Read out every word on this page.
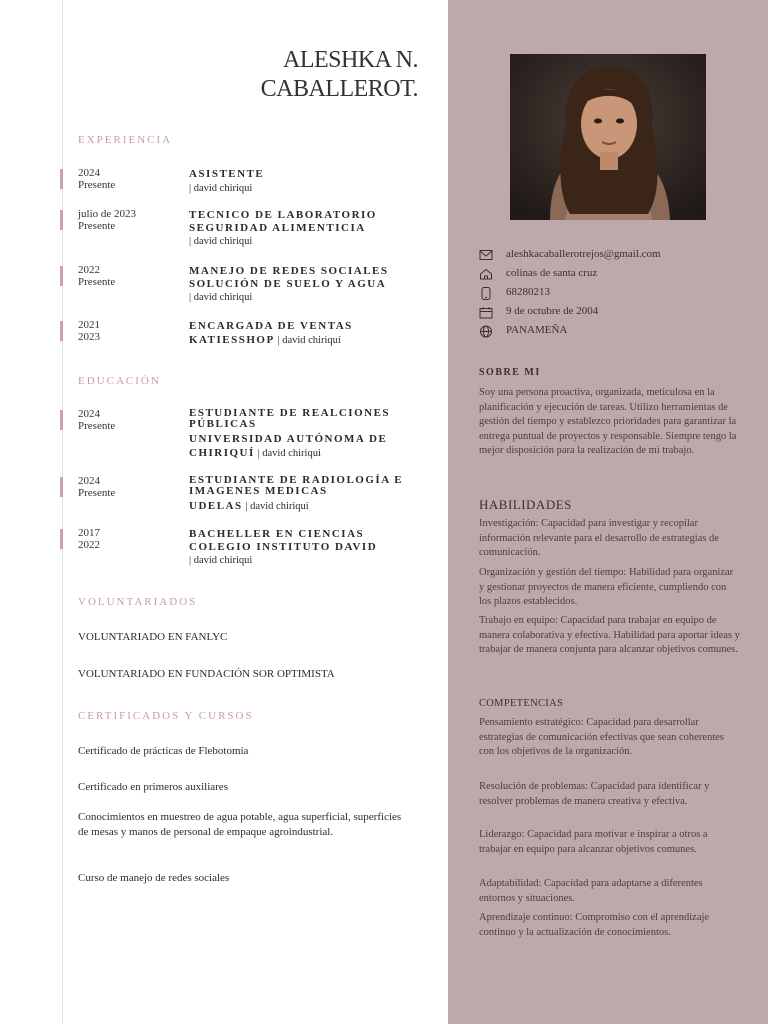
ALESHKA N.
CABALLEROT.
EXPERIENCIA
2024
Presente
ASISTENTE
| david chiriqui
julio de 2023
Presente
TECNICO DE LABORATORIO
SEGURIDAD ALIMENTICIA
| david chiriqui
2022
Presente
MANEJO DE REDES SOCIALES
SOLUCIÓN DE SUELO Y AGUA
| david chiriqui
2021
2023
ENCARGADA DE VENTAS
KATIESSHOP | david chiriquí
EDUCACIÓN
2024
Presente
ESTUDIANTE DE REALCIONES PÚBLICAS
UNIVERSIDAD AUTÓNOMA DE CHIRIQUÍ | david chiriqui
2024
Presente
ESTUDIANTE DE RADIOLOGÍA E IMAGENES MEDICAS
UDELAS | david chiriqui
2017
2022
BACHELLER EN CIENCIAS
COLEGIO INSTITUTO DAVID
| david chiriqui
VOLUNTARIADOS
VOLUNTARIADO EN FANLYC
VOLUNTARIADO EN FUNDACIÓN SOR OPTIMISTA
CERTIFICADOS Y CURSOS
Certificado de prácticas de Flebotomía
Certificado en primeros auxiliares
Conocimientos en muestreo de agua potable, agua superficial, superficies de mesas y manos de personal de empaque agroindustrial.
Curso de manejo de redes sociales
aleshkacaballerotrejos@gmail.com
colinas de santa cruz
68280213
9 de octubre de 2004
PANAMEÑA
SOBRE MI
Soy una persona proactiva, organizada, meticulosa en la planificación y ejecución de tareas. Utilizo herramientas de gestión del tiempo y establezco prioridades para garantizar la entrega puntual de proyectos y responsable. Siempre tengo la mejor disposición para la realización de mi trabajo.
HABILIDADES
Investigación: Capacidad para investigar y recopilar información relevante para el desarrollo de estrategias de comunicación.
Organización y gestión del tiempo: Habilidad para organizar y gestionar proyectos de manera eficiente, cumpliendo con los plazos establecidos.
Trabajo en equipo: Capacidad para trabajar en equipo de manera colaborativa y efectiva. Habilidad para aportar ideas y trabajar de manera conjunta para alcanzar objetivos comunes.
COMPETENCIAS
Pensamiento estratégico: Capacidad para desarrollar estrategias de comunicación efectivas que sean coherentes con los objetivos de la organización.
Resolución de problemas: Capacidad para identificar y resolver problemas de manera creativa y efectiva.
Liderazgo: Capacidad para motivar e inspirar a otros a trabajar en equipo para alcanzar objetivos comunes.
Adaptabilidad: Capacidad para adaptarse a diferentes entornos y situaciones.
Aprendizaje continuo: Compromiso con el aprendizaje continuo y la actualización de conocimientos.
